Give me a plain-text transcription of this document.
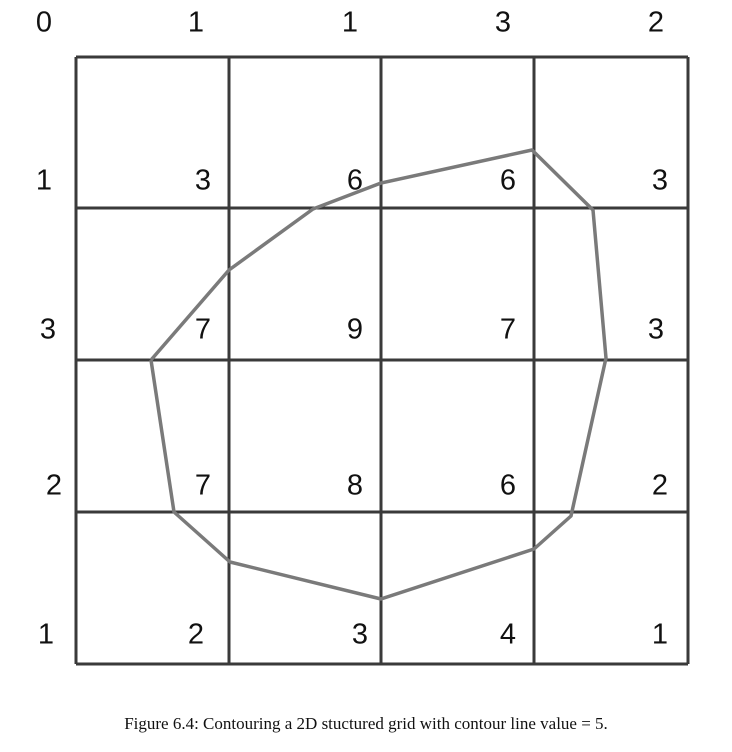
0	1	1	3	2
1	3	6	6	3
3	7	9	7	3
2	7	8	6	2
1	2	3	4	1

Figure 6.4: Contouring a 2D stuctured grid with contour line value = 5.
